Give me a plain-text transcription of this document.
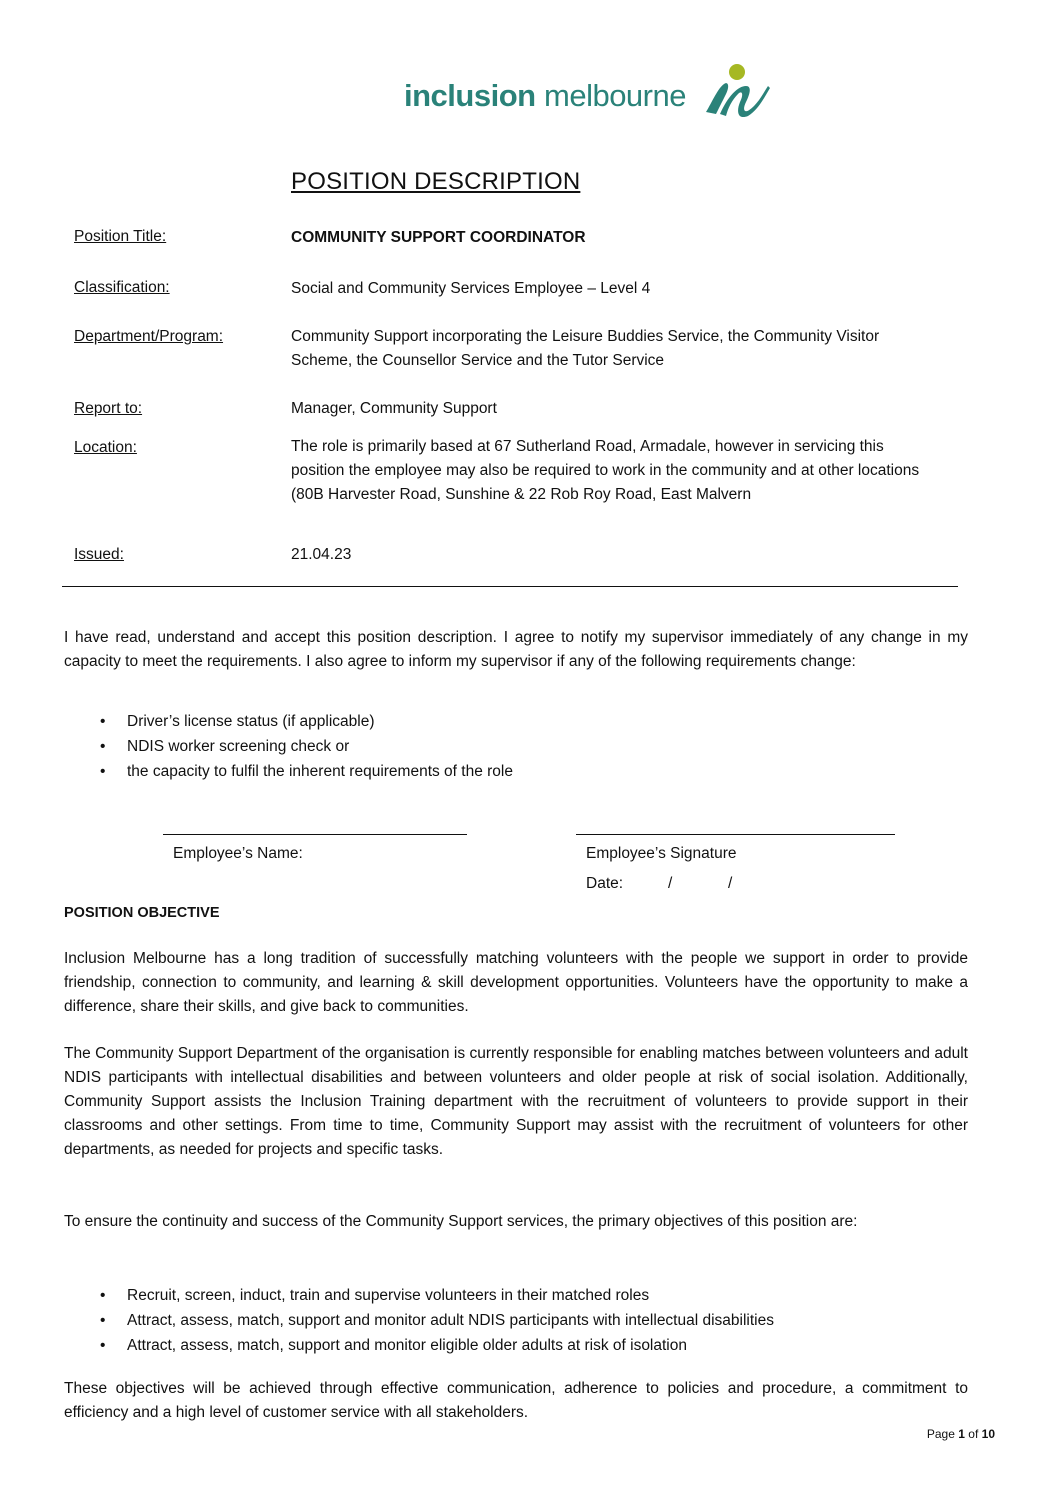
inclusion melbourne
POSITION DESCRIPTION
Position Title:	COMMUNITY SUPPORT COORDINATOR
Classification:	Social and Community Services Employee – Level 4
Department/Program:	Community Support incorporating the Leisure Buddies Service, the Community Visitor Scheme, the Counsellor Service and the Tutor Service
Report to:	Manager, Community Support
Location:	The role is primarily based at 67 Sutherland Road, Armadale, however in servicing this position the employee may also be required to work in the community and at other locations (80B Harvester Road, Sunshine & 22 Rob Roy Road, East Malvern
Issued:	21.04.23
I have read, understand and accept this position description. I agree to notify my supervisor immediately of any change in my capacity to meet the requirements. I also agree to inform my supervisor if any of the following requirements change:
• Driver’s license status (if applicable)
• NDIS worker screening check or
• the capacity to fulfil the inherent requirements of the role
Employee’s Name:	Employee’s Signature
Date:	/	/
POSITION OBJECTIVE
Inclusion Melbourne has a long tradition of successfully matching volunteers with the people we support in order to provide friendship, connection to community, and learning & skill development opportunities. Volunteers have the opportunity to make a difference, share their skills, and give back to communities.
The Community Support Department of the organisation is currently responsible for enabling matches between volunteers and adult NDIS participants with intellectual disabilities and between volunteers and older people at risk of social isolation. Additionally, Community Support assists the Inclusion Training department with the recruitment of volunteers to provide support in their classrooms and other settings. From time to time, Community Support may assist with the recruitment of volunteers for other departments, as needed for projects and specific tasks.
To ensure the continuity and success of the Community Support services, the primary objectives of this position are:
• Recruit, screen, induct, train and supervise volunteers in their matched roles
• Attract, assess, match, support and monitor adult NDIS participants with intellectual disabilities
• Attract, assess, match, support and monitor eligible older adults at risk of isolation
These objectives will be achieved through effective communication, adherence to policies and procedure, a commitment to efficiency and a high level of customer service with all stakeholders.
Page 1 of 10
